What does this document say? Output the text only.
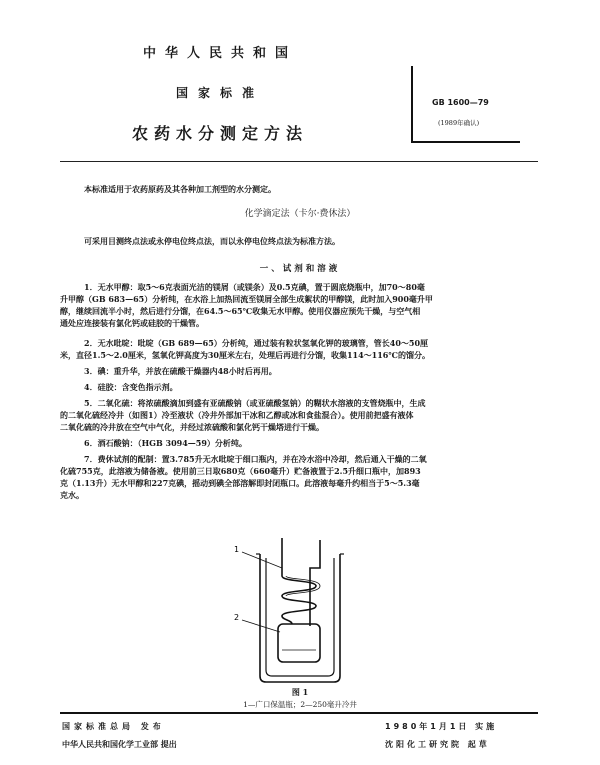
中华人民共和国
国家标准
农药水分测定方法
GB 1600—79
(1989年确认)
本标准适用于农药原药及其各种加工剂型的水分测定。
化学滴定法（卡尔·费休法）
可采用目测终点法或永停电位终点法，而以永停电位终点法为标准方法。
一、试剂和溶液
1．无水甲醇：取5～6克表面光洁的镁屑（或镁条）及0.5克碘，置于圆底烧瓶中，加70～80毫
升甲醇（GB 683—65）分析纯，在水浴上加热回流至镁屑全部生成絮状的甲醇镁，此时加入900毫升甲
醇，继续回流半小时，然后进行分馏，在64.5～65℃收集无水甲醇。使用仪器应预先干燥，与空气相
通处应连接装有氯化钙或硅胶的干燥管。
2．无水吡啶：吡啶（GB 689—65）分析纯，通过装有粒状氢氧化钾的玻璃管，管长40～50厘
米，直径1.5～2.0厘米，氢氧化钾高度为30厘米左右，处理后再进行分馏，收集114～116℃的馏分。
3．碘：重升华，并放在硫酸干燥器内48小时后再用。
4．硅胶：含变色指示剂。
5．二氧化硫：将浓硫酸滴加到盛有亚硫酸钠（或亚硫酸氢钠）的糊状水溶液的支管烧瓶中，生成
的二氧化硫经冷井（如图1）冷至液状（冷井外部加干冰和乙醇或冰和食盐混合）。使用前把盛有液体
二氧化硫的冷井放在空气中气化，并经过浓硫酸和氯化钙干燥塔进行干燥。
6．酒石酸钠：（HGB 3094—59）分析纯。
7．费休试剂的配制：置3.785升无水吡啶于细口瓶内，并在冷水浴中冷却，然后通入干燥的二氧
化硫755克，此溶液为储备液。使用前三日取680克（660毫升）贮备液置于2.5升细口瓶中，加893
克（1.13升）无水甲醇和227克碘，摇动到碘全部溶解即封闭瓶口。此溶液每毫升约相当于5～5.3毫
克水。
1
2
图 1
1—广口保温瓶；2—250毫升冷井
国家标准总局 发布
中华人民共和国化学工业部 提出
1980年1月1日 实施
沈阳化工研究院 起草
